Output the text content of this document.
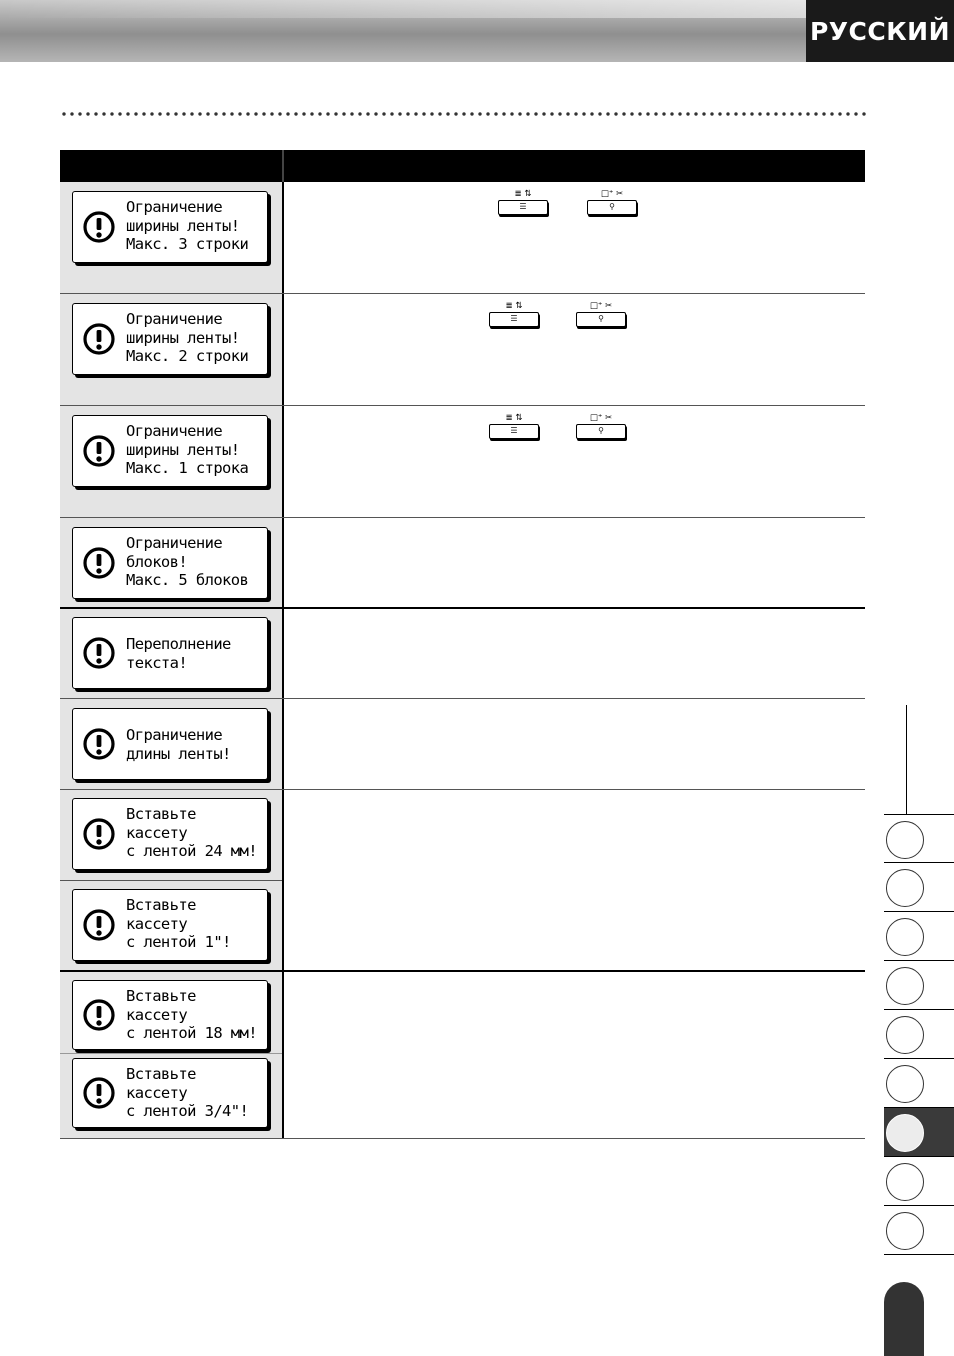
РУССКИЙ
Ограничение
ширины ленты!
Макс. 3 строки
Ограничение
ширины ленты!
Макс. 2 строки
Ограничение
ширины ленты!
Макс. 1 строка
Ограничение
блоков!
Макс. 5 блоков
Переполнение
текста!
Ограничение
длины ленты!
Вставьте
кассету
с лентой 24 мм!
Вставьте
кассету
с лентой 1"!
Вставьте
кассету
с лентой 18 мм!
Вставьте
кассету
с лентой 3/4"!
≣ ⇅
☰
□⁺ ✂
⚲
≣ ⇅
☰
□⁺ ✂
⚲
≣ ⇅
☰
□⁺ ✂
⚲
